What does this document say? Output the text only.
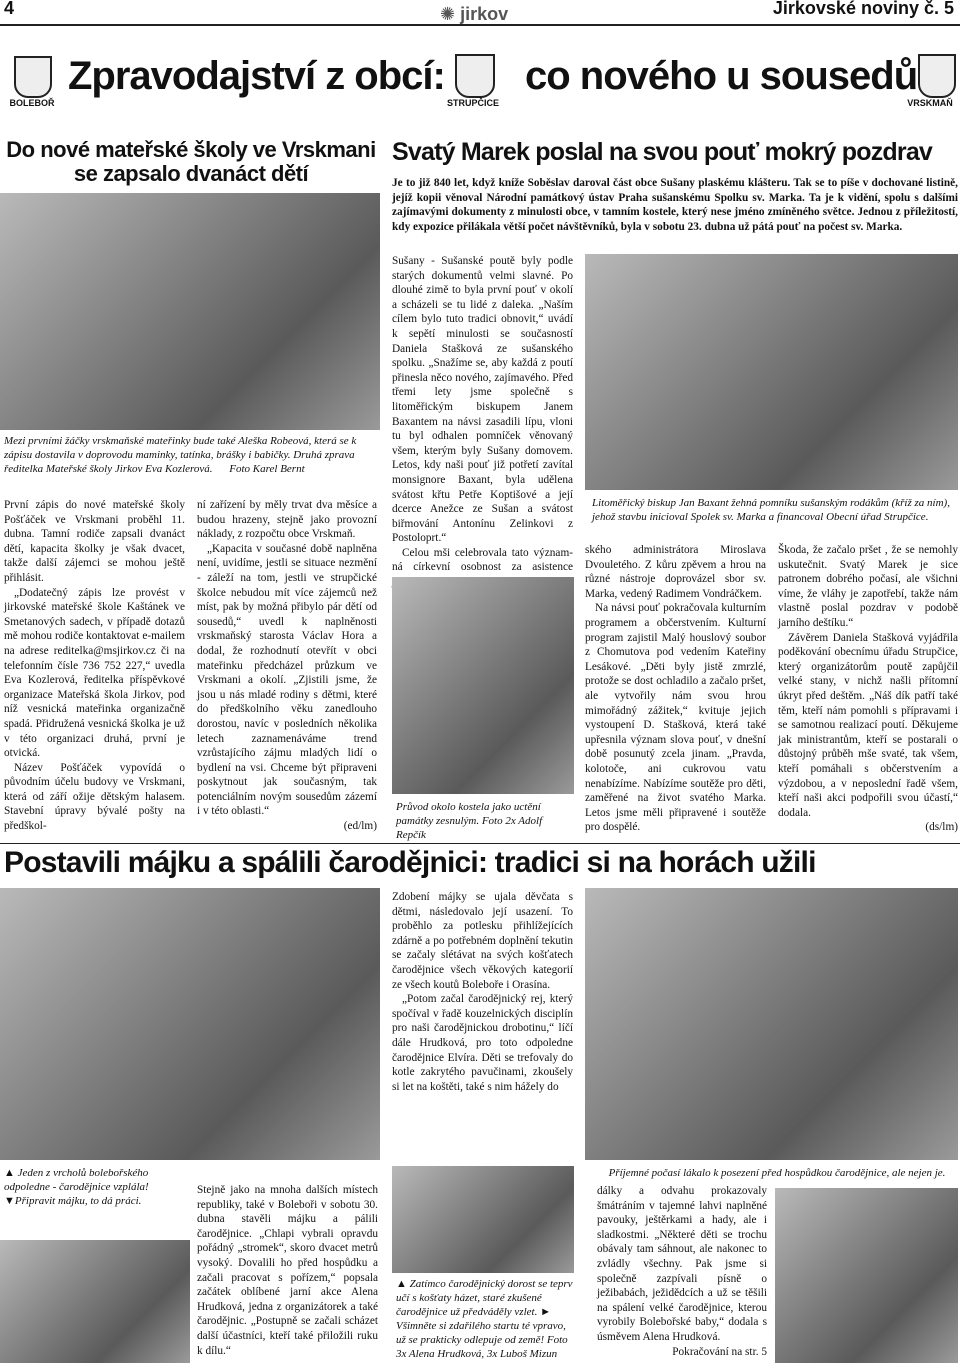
4	✺ jirkov	Jirkovské noviny č. 5
BOLEBOŘ
Zpravodajství z obcí:
STRUPČICE
co nového u sousedů
VRSKMAŇ
Do nové mateřské školy ve Vrskmani se zapsalo dvanáct dětí
Mezi prvními žáčky vrskmaňské mateřinky bude také Aleška Robeová, která se k zápisu dostavila v doprovodu maminky, tatínka, brášky i babičky. Druhá zprava ředitelka Mateřské školy Jirkov Eva Kozlerová. Foto Karel Bernt

První zápis do nové mateřské školy Pošťáček ve Vrskmani proběhl 11. dubna. Tamní rodiče zapsali dvanáct dětí, kapacita školky je však dvacet, takže další zájemci se mohou ještě přihlásit.

„Dodatečný zápis lze provést v jirkovské mateřské škole Kaštánek ve Smetanových sadech, v případě dotazů mě mohou rodiče kontaktovat e-mailem na adrese reditelka@msjirkov.cz či na telefonním čísle 736 752 227,“ uvedla Eva Kozlerová, ředitelka příspěvkové organizace Mateřská škola Jirkov, pod níž vesnická mateřinka organizačně spadá. Přidružená vesnická školka je už v této organizaci druhá, první je otvická.

Název Pošťáček vypovídá o původním účelu budovy ve Vrskmani, která od září ožije dětským halasem. Stavební úpravy bývalé pošty na předškol-

ní zařízení by měly trvat dva měsíce a budou hrazeny, stejně jako provozní náklady, z rozpočtu obce Vrskmaň.

„Kapacita v současné době naplněna není, uvidíme, jestli se situace nezmění - záleží na tom, jestli ve strupčické školce nebudou mít více zájemců než míst, pak by možná přibylo pár dětí od sousedů,“ uvedl k naplněnosti vrskmaňský starosta Václav Hora a dodal, že rozhodnutí otevřít v obci mateřinku předcházel průzkum ve Vrskmani a okolí. „Zjistili jsme, že jsou u nás mladé rodiny s dětmi, které do předškolního věku zanedlouho dorostou, navíc v posledních několika letech zaznamenáváme trend vzrůstajícího zájmu mladých lidí o bydlení na vsi. Chceme být připraveni poskytnout jak současným, tak potenciálním novým sousedům zázemí i v této oblasti.“

(ed/lm)

Svatý Marek poslal na svou pouť mokrý pozdrav
Je to již 840 let, když kníže Soběslav daroval část obce Sušany plaskému klášteru. Tak se to píše v dochované listině, jejíž kopii věnoval Národní památkový ústav Praha sušanskému Spolku sv. Marka. Ta je k vidění, spolu s dalšími zajímavými dokumenty z minulosti obce, v tamním kostele, který nese jméno zmíněného světce. Jednou z příležitostí, kdy expozice přilákala větší počet návštěvníků, byla v sobotu 23. dubna už pátá pouť na počest sv. Marka.

Sušany - Sušanské poutě byly podle starých dokumentů velmi slavné. Po dlouhé zimě to byla první pouť v okolí a scházeli se tu lidé z daleka. „Naším cílem bylo tuto tradici obnovit,“ uvádí k sepětí minulosti se současností Daniela Stašková ze sušanského spolku. „Snažíme se, aby každá z poutí přinesla něco nového, zajímavého. Před třemi lety jsme společně s litoměřickým biskupem Janem Baxantem na návsi zasadili lípu, vloni tu byl odhalen pomníček věnovaný všem, kterým byly Sušany domovem. Letos, kdy naši pouť již potřetí zavítal monsignore Baxant, byla udělena svátost křtu Petře Koptišové a její dcerce Anežce ze Sušan a svátost biřmování Antonínu Zelinkovi z Postoloprt.“

Celou mši celebrovala tato význam-ná církevní osobnost za asistence

Litoměřický biskup Jan Baxant žehná pomníku sušanským rodákům (kříž za ním), jehož stavbu inicioval Spolek sv. Marka a financoval Obecní úřad Strupčice.
Průvod okolo kostela jako uctění památky zesnulým. Foto 2x Adolf Repčík

ského administrátora Miroslava Dvouletého. Z kůru zpěvem a hrou na různé nástroje doprovázel sbor sv. Marka, vedený Radimem Vondráčkem.

Na návsi pouť pokračovala kulturním programem a občerstvením. Kulturní program zajistil Malý houslový soubor z Chomutova pod vedením Kateřiny Lesákové. „Děti byly jistě zmrzlé, protože se dost ochladilo a začalo pršet, ale vytvořily nám svou hrou mimořádný zážitek,“ kvituje jejich vystoupení D. Stašková, která také upřesnila význam slova pouť, v dnešní době posunutý zcela jinam. „Pravda, kolotoče, ani cukrovou vatu nenabízíme. Nabízíme soutěže pro děti, zaměřené na život svatého Marka. Letos jsme měli připravené i soutěže pro dospělé.

Škoda, že začalo pršet , že se nemohly uskutečnit. Svatý Marek je sice patronem dobrého počasí, ale všichni víme, že vláhy je zapotřebí, takže nám vlastně poslal pozdrav v podobě jarního deštíku.“

Závěrem Daniela Stašková vyjádřila poděkování obecnímu úřadu Strupčice, který organizátorům poutě zapůjčil velké stany, v nichž našli přítomní úkryt před deštěm. „Náš dík patří také těm, kteří nám pomohli s přípravami i se samotnou realizací poutí. Děkujeme jak ministrantům, kteří se postarali o důstojný průběh mše svaté, tak všem, kteří pomáhali s občerstvením a výzdobou, a v neposlední řadě všem, kteří naši akci podpořili svou účastí,“ dodala.

(ds/lm)

Postavili májku a spálili čarodějnici: tradici si na horách užili

Zdobení májky se ujala děvčata s dětmi, následovalo její usazení. To proběhlo za potlesku přihlížejících zdárně a po potřebném doplnění tekutin se začaly slétávat na svých košťatech čarodějnice všech věkových kategorií ze všech koutů Boleboře i Orasína.

„Potom začal čarodějnický rej, který spočíval v řadě kouzelnických disciplín pro naši čarodějnickou drobotinu,“ líčí dále Hrudková, pro toto odpoledne čarodějnice Elvíra. Děti se trefovaly do kotle zakrytého pavučinami, zkoušely si let na koštěti, také s nim hážely do

▲ Jeden z vrcholů bolebořského odpoledne - čarodějnice vzplála!
▼Připravit májku, to dá práci.

Stejně jako na mnoha dalších místech republiky, také v Boleboři v sobotu 30. dubna stavěli májku a pálili čarodějnice. „Chlapi vybrali opravdu pořádný „stromek“, skoro dvacet metrů vysoký. Dovalili ho před hospůdku a začali pracovat s pořízem,“ popsala začátek oblíbené jarní akce Alena Hrudková, jedna z organizátorek a také čarodějnic. „Postupně se začali scházet další účastníci, kteří také přiložili ruku k dílu.“

▲ Zatímco čarodějnický dorost se teprv učí s košťaty házet, staré zkušené čarodějnice už předváděly vzlet. ► Všimněte si zdařilého startu té vpravo, už se prakticky odlepuje od země! Foto 3x Alena Hrudková, 3x Luboš Mizun
Příjemné počasí lákalo k posezení před hospůdkou čarodějnice, ale nejen je.

dálky a odvahu prokazovaly šmátráním v tajemné lahvi naplněné pavouky, ještěrkami a hady, ale i sladkostmi. „Některé děti se trochu obávaly tam sáhnout, ale nakonec to zvládly všechny. Pak jsme si společně zazpívali písně o ježibabách, ježidědcích a už se těšili na spálení velké čarodějnice, kterou vyrobily Bolebořské baby,“ dodala s úsměvem Alena Hrudková.

Pokračování na str. 5
